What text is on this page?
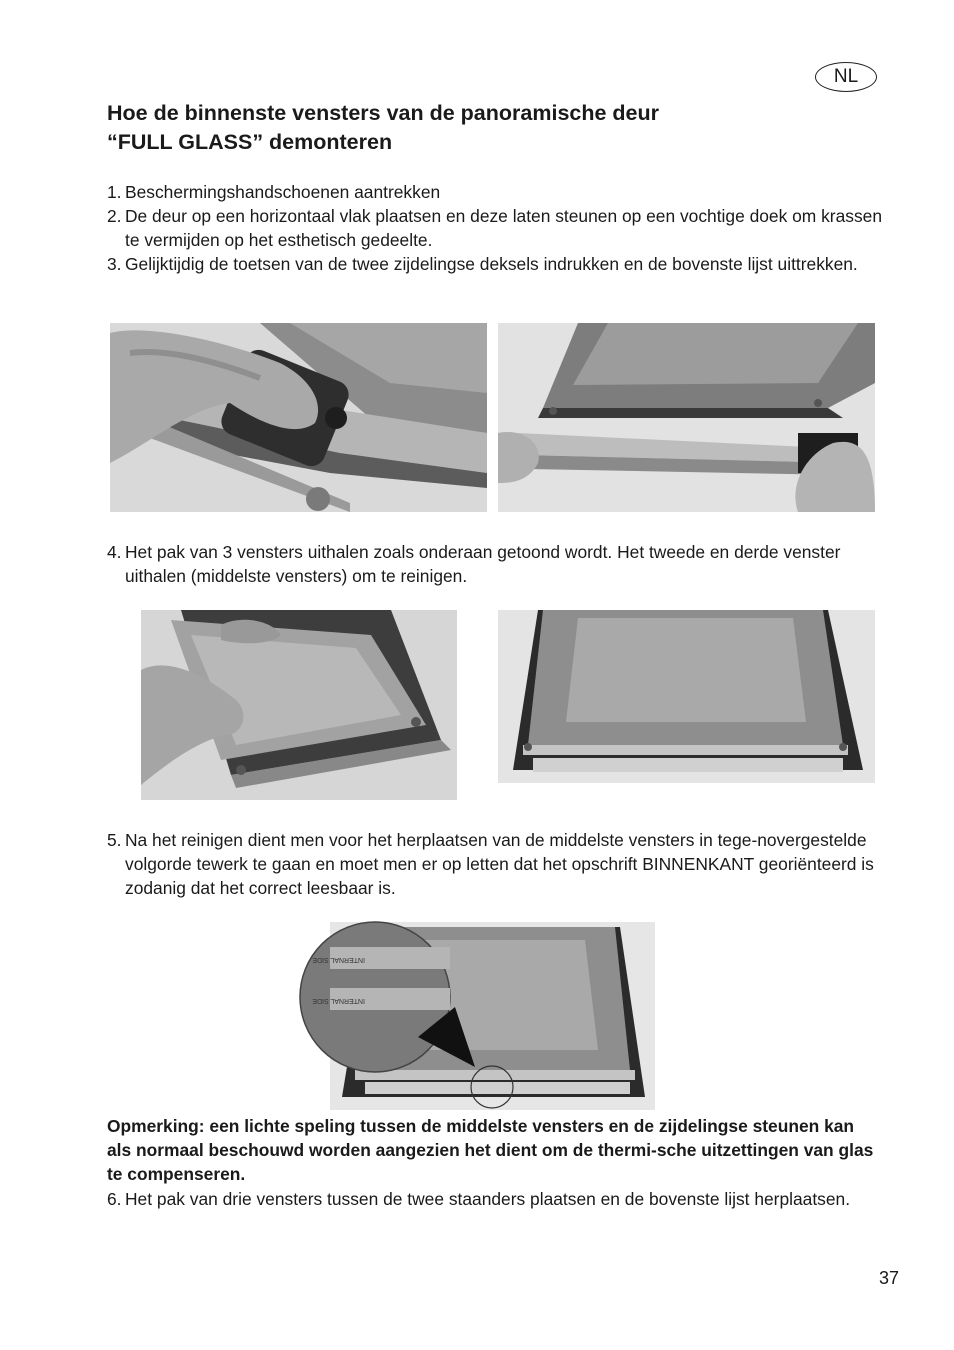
NL
Hoe de binnenste vensters van de panoramische deur
“FULL GLASS” demonteren
1. Beschermingshandschoenen aantrekken
2. De deur op een horizontaal vlak plaatsen en deze laten steunen op een vochtige doek om krassen te vermijden op het esthetisch gedeelte.
3. Gelijktijdig de toetsen van de twee zijdelingse deksels indrukken en de bovenste lijst uittrekken.
4. Het pak van 3 vensters uithalen zoals onderaan getoond wordt. Het tweede en derde venster uithalen (middelste vensters) om te reinigen.
5. Na het reinigen dient men voor het herplaatsen van de middelste vensters in tege-novergestelde volgorde tewerk te gaan en moet men er op letten dat het opschrift BINNENKANT georiënteerd is zodanig dat het correct leesbaar is.
INTERNAL SIDE
INTERNAL SIDE

Opmerking: een lichte speling tussen de middelste vensters en de zijdelingse steunen kan als normaal beschouwd worden aangezien het dient om de thermi-sche uitzettingen van glas te compenseren.

6. Het pak van drie vensters tussen de twee staanders plaatsen en de bovenste lijst herplaatsen.
37
